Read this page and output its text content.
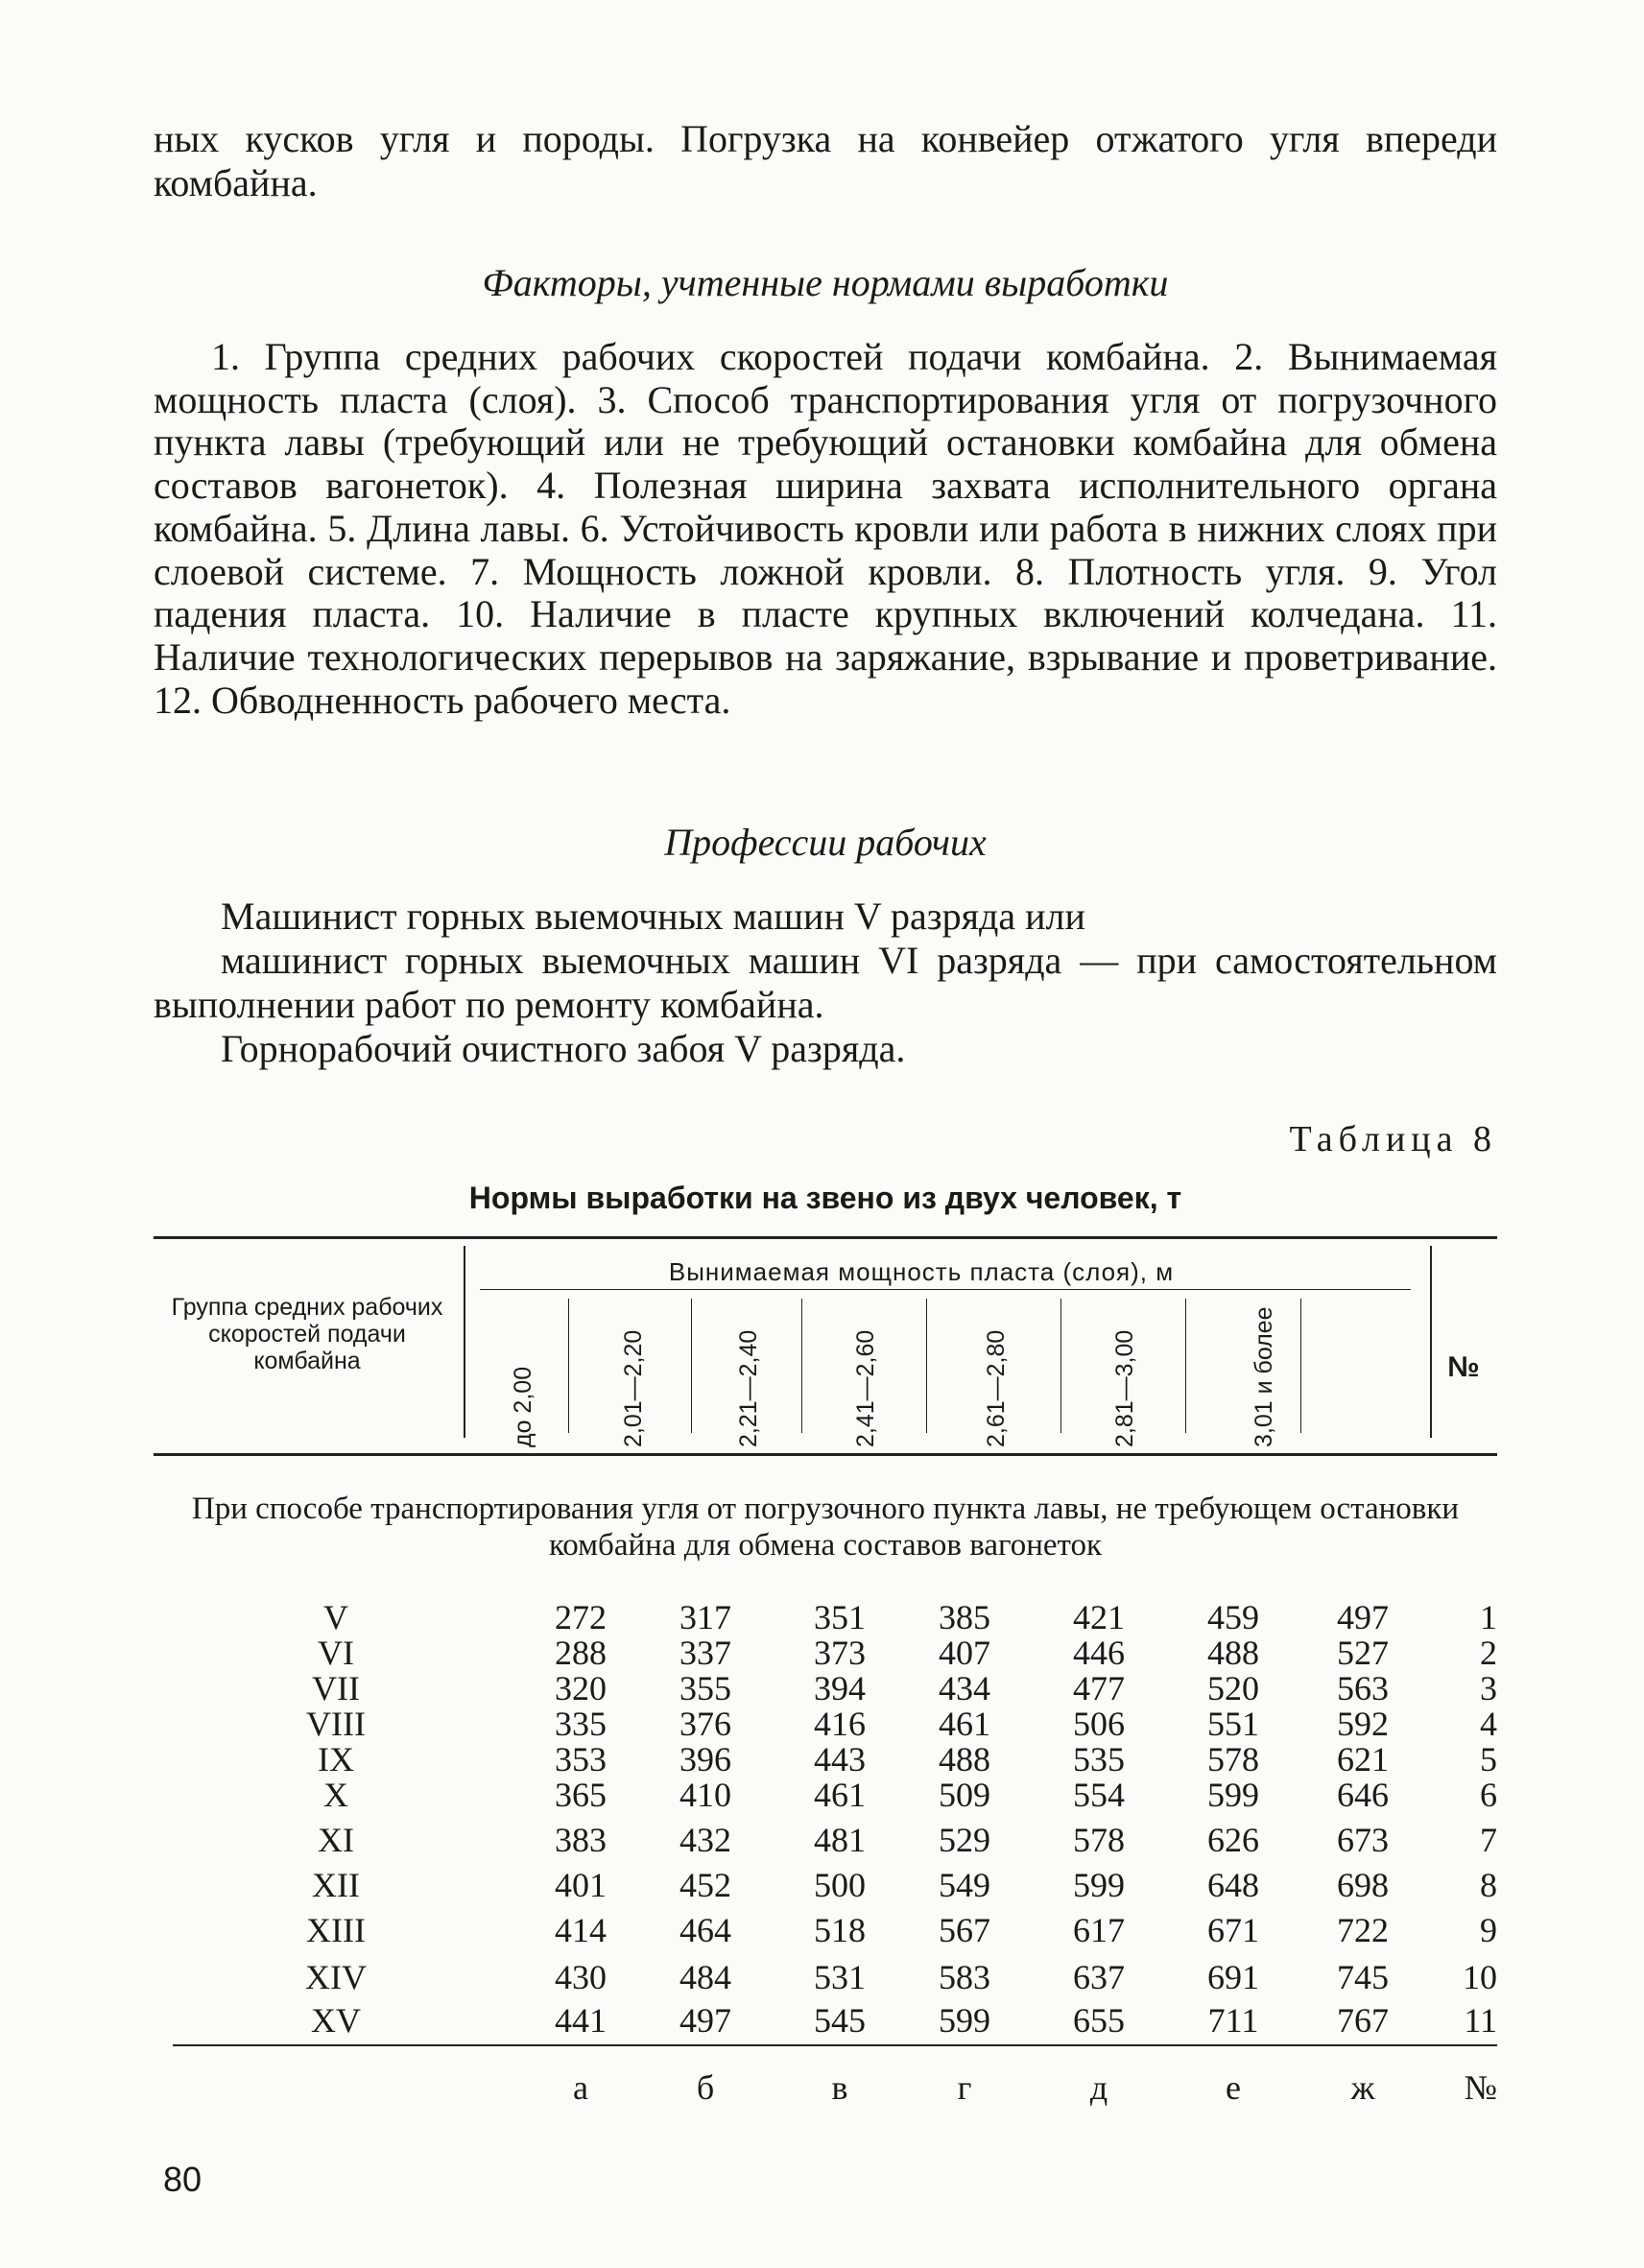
ных кусков угля и породы. Погрузка на конвейер отжатого угля впереди комбайна.
Факторы, учтенные нормами выработки
1. Группа средних рабочих скоростей подачи комбайна. 2. Вынимаемая мощность пласта (слоя). 3. Способ транспортирования угля от погрузочного пункта лавы (требующий или не требующий остановки комбайна для обмена составов вагонеток). 4. Полезная ширина захвата исполнительного органа комбайна. 5. Длина лавы. 6. Устойчивость кровли или работа в нижних слоях при слоевой системе. 7. Мощность ложной кровли. 8. Плотность угля. 9. Угол падения пласта. 10. Наличие в пласте крупных включений колчедана. 11. Наличие технологических перерывов на заряжание, взрывание и проветривание. 12. Обводненность рабочего места.
Профессии рабочих
Машинист горных выемочных машин V разряда или
машинист горных выемочных машин VI разряда — при самостоятельном выполнении работ по ремонту комбайна.
Горнорабочий очистного забоя V разряда.
Таблица 8
Нормы выработки на звено из двух человек, т
Группа средних рабочих скоростей подачи комбайна
Вынимаемая мощность пласта (слоя), м
до 2,00	2,01—2,20	2,21—2,40	2,41—2,60	2,61—2,80	2,81—3,00	3,01 и более	№
При способе транспортирования угля от погрузочного пункта лавы, не требующем остановки комбайна для обмена составов вагонеток
V	272	317	351	385	421	459	497	1
VI	288	337	373	407	446	488	527	2
VII	320	355	394	434	477	520	563	3
VIII	335	376	416	461	506	551	592	4
IX	353	396	443	488	535	578	621	5
X	365	410	461	509	554	599	646	6
XI	383	432	481	529	578	626	673	7
XII	401	452	500	549	599	648	698	8
XIII	414	464	518	567	617	671	722	9
XIV	430	484	531	583	637	691	745	10
XV	441	497	545	599	655	711	767	11
а	б	в	г	д	е	ж	№
80
